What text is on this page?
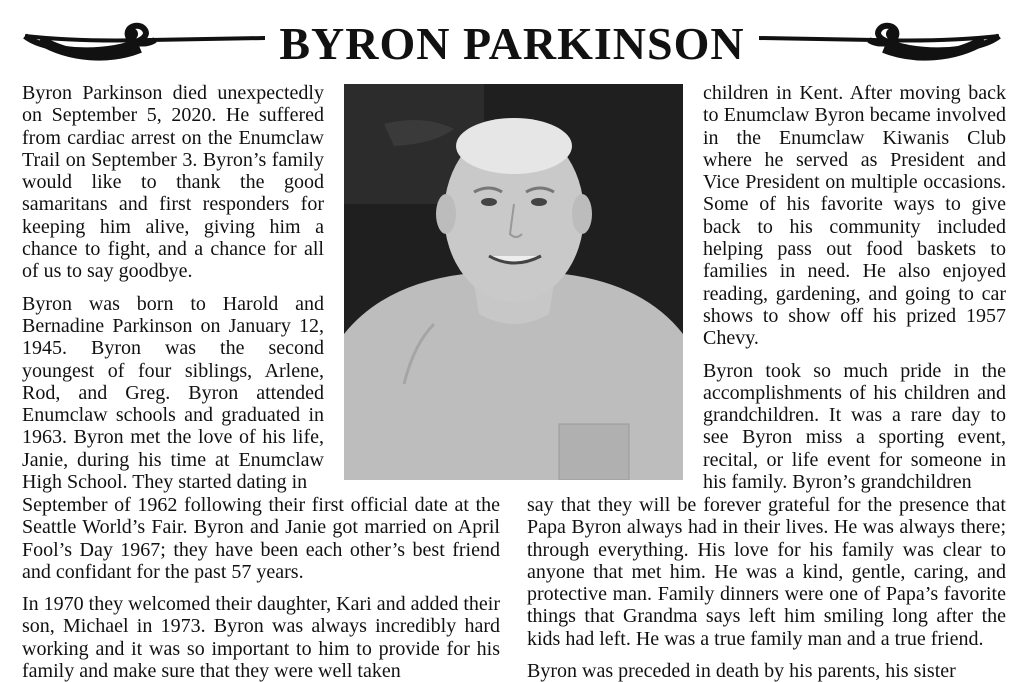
BYRON PARKINSON

Byron Parkinson died unexpectedly on September 5, 2020. He suffered from cardiac arrest on the Enumclaw Trail on September 3. Byron’s family would like to thank the good samaritans and first responders for keeping him alive, giving him a chance to fight, and a chance for all of us to say goodbye.

Byron was born to Harold and Bernadine Parkinson on January 12, 1945. Byron was the second youngest of four siblings, Arlene, Rod, and Greg. Byron attended Enumclaw schools and graduated in 1963. Byron met the love of his life, Janie, during his time at Enumclaw High School. They started dating in

children in Kent. After moving back to Enumclaw Byron became involved in the Enumclaw Kiwanis Club where he served as President and Vice President on multiple occasions. Some of his favorite ways to give back to his community included helping pass out food baskets to families in need. He also enjoyed reading, gardening, and going to car shows to show off his prized 1957 Chevy.

Byron took so much pride in the accomplishments of his children and grandchildren. It was a rare day to see Byron miss a sporting event, recital, or life event for someone in his family. Byron’s grandchildren

September of 1962 following their first official date at the Seattle World’s Fair. Byron and Janie got married on April Fool’s Day 1967; they have been each other’s best friend and confidant for the past 57 years.

In 1970 they welcomed their daughter, Kari and added their son, Michael in 1973. Byron was always incredibly hard working and it was so important to him to provide for his family and make sure that they were well taken

say that they will be forever grateful for the presence that Papa Byron always had in their lives. He was always there; through everything. His love for his family was clear to anyone that met him. He was a kind, gentle, caring, and protective man. Family dinners were one of Papa’s favorite things that Grandma says left him smiling long after the kids had left. He was a true family man and a true friend.

Byron was preceded in death by his parents, his sister
